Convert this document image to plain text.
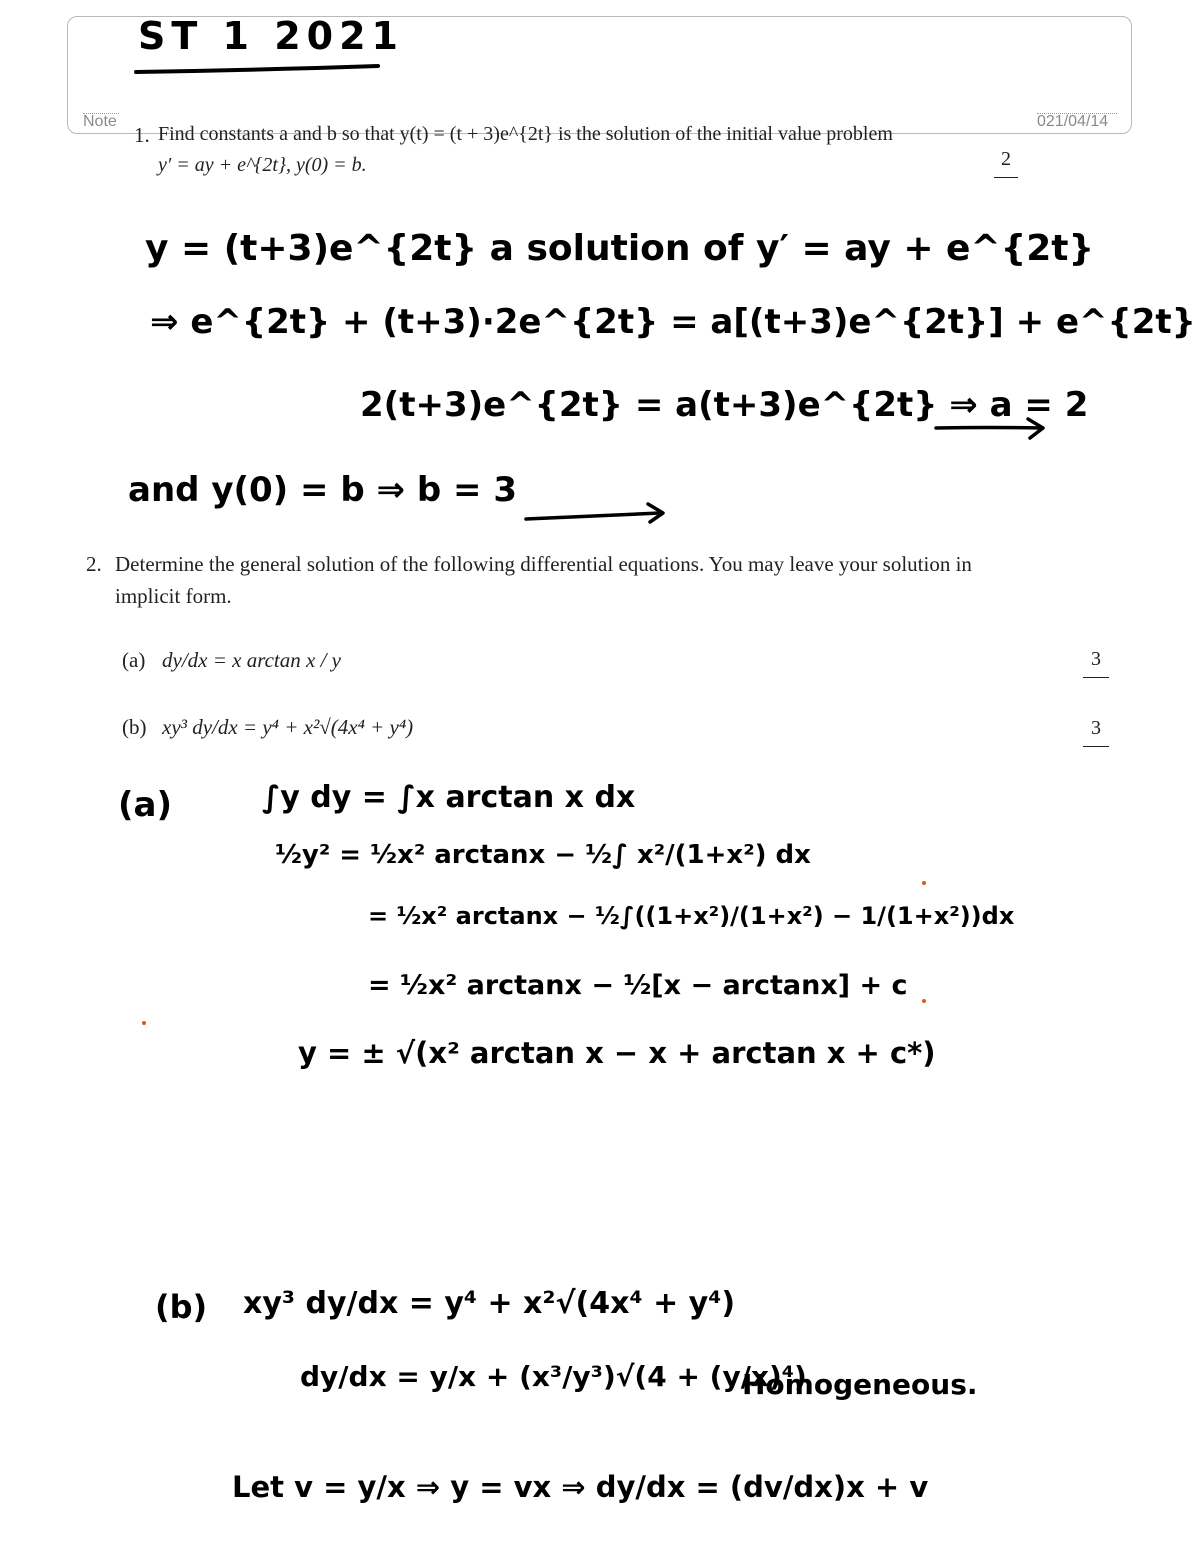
Note	021/04/14
ST 1 2021
1. Find constants a and b so that y(t) = (t + 3)e^{2t} is the solution of the initial value problem
y′ = ay + e^{2t}, y(0) = b.	2
y = (t+3)e^{2t} a solution of y′ = ay + e^{2t}
⇒ e^{2t} + (t+3)·2e^{2t} = a[(t+3)e^{2t}] + e^{2t}
2(t+3)e^{2t} = a(t+3)e^{2t} ⇒ a = 2
and y(0) = b ⇒ b = 3
2. Determine the general solution of the following differential equations. You may leave your solution in
implicit form.
(a) dy/dx = x arctan x / y	3
(b) xy³ dy/dx = y⁴ + x²√(4x⁴ + y⁴)	3
(a)	∫y dy = ∫x arctan x dx
½y² = ½x² arctanx − ½∫ x²/(1+x²) dx
= ½x² arctanx − ½∫((1+x²)/(1+x²) − 1/(1+x²))dx
= ½x² arctanx − ½[x − arctanx] + c
y = ± √(x² arctan x − x + arctan x + c*)
(b) xy³ dy/dx = y⁴ + x²√(4x⁴ + y⁴)
dy/dx = y/x + (x³/y³)√(4 + (y/x)⁴)
Homogeneous.
Let v = y/x ⇒ y = vx ⇒ dy/dx = (dv/dx)x + v
